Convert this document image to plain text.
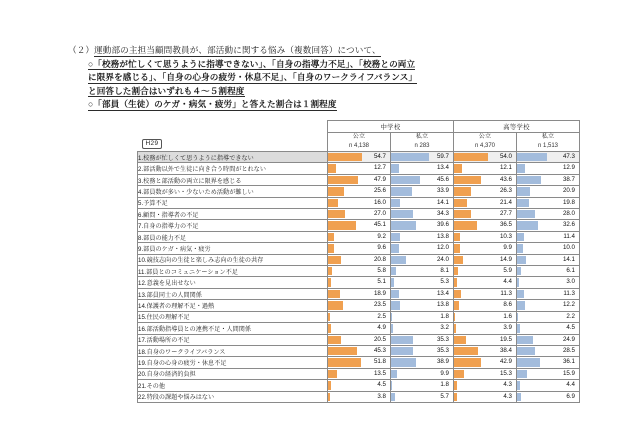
（２）運動部の主担当顧問教員が、部活動に関する悩み（複数回答）について、
○「校務が忙しくて思うように指導できない」、「自身の指導力不足」、「校務との両立
に限界を感じる」、「自身の心身の疲労・休息不足」、「自身のワークライフバランス」
と回答した割合はいずれも４～５割程度
○「部員（生徒）のケガ・病気・疲労」と答えた割合は１割程度
H29	中学校		高等学校	

	公立
n 4,138	私立
n 283	公立
n 4,370	私立
n 1,513

1.校務が忙しくて思うように指導できない	54.7	59.7	54.0	47.3

2.部活動以外で生徒に向き合う時間がとれない	12.7	13.4	12.1	12.9

3.校務と部活動の両立に限界を感じる	47.9	45.6	43.6	38.7

4.部員数が多い・少ないため活動が難しい	25.6	33.9	26.3	20.9

5.予算不足	16.0	14.1	21.4	19.8

6.顧問・指導者の不足	27.0	34.3	27.7	28.0

7.自身の指導力の不足	45.1	39.6	36.5	32.6

8.部員の能力不足	9.2	13.8	10.3	11.4

9.部員のケガ・病気・疲労	9.6	12.0	9.9	10.0

10.競技志向の生徒と楽しみ志向の生徒の共存	20.8	24.0	14.9	14.1

11.部員とのコミュニケーション不足	5.8	8.1	5.9	6.1

12.意義を見出せない	5.1	5.3	4.4	3.0

13.部員同士の人間関係	18.9	13.4	11.3	11.3

14.保護者の理解不足・過熱	23.5	13.8	8.6	12.2

15.住民の理解不足	2.5	1.8	1.6	2.2

16.部活動指導員との連携不足・人間関係	4.9	3.2	3.9	4.5

17.活動場所の不足	20.5	35.3	19.5	24.9

18.自身のワークライフバランス	45.3	35.3	38.4	28.5

19.自身の心身の疲労・休息不足	51.8	38.9	42.9	36.1

20.自身の経済的負担	13.5	9.9	15.3	15.9

21.その他	4.5	1.8	4.3	4.4

22.特段の課題や悩みはない	3.8	5.7	4.3	6.9
